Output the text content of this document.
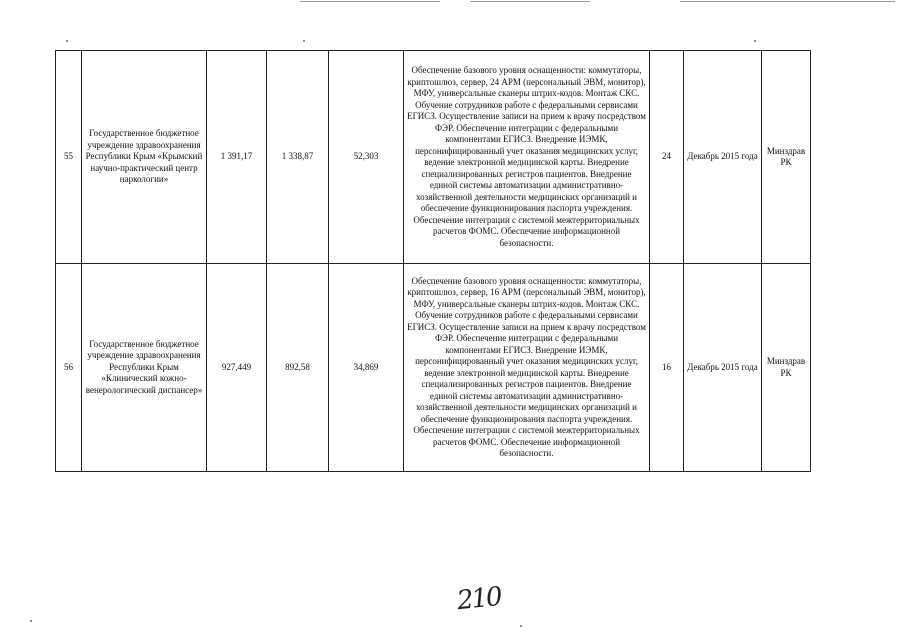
55	Государственное бюджетное учреждение здравоохранения Республики Крым «Крымский научно-практический центр наркологии»	1 391,17	1 338,87	52,303	Обеспечение базового уровня оснащенности: коммутаторы, криптошлюз, сервер, 24 АРМ (персональный ЭВМ, монитор), МФУ, универсальные сканеры штрих-кодов. Монтаж СКС. Обучение сотрудников работе с федеральными сервисами ЕГИСЗ. Осуществление записи на прием к врачу посредством ФЭР. Обеспечение интеграции с федеральными компонентами ЕГИСЗ. Внедрение ИЭМК, персонифицированный учет оказания медицинских услуг, ведение электронной медицинской карты. Внедрение специализированных регистров пациентов. Внедрение единой системы автоматизации административно-хозяйственной деятельности медицинских организаций и обеспечение функционирования паспорта учреждения. Обеспечение интеграции с системой межтерриториальных расчетов ФОМС. Обеспечение информационной безопасности.	24	Декабрь 2015 года	Минздрав РК
56	Государственное бюджетное учреждение здравоохранения Республики Крым «Клинический кожно-венерологический диспансер»	927,449	892,58	34,869	Обеспечение базового уровня оснащенности: коммутаторы, криптошлюз, сервер, 16 АРМ (персональный ЭВМ, монитор), МФУ, универсальные сканеры штрих-кодов. Монтаж СКС. Обучение сотрудников работе с федеральными сервисами ЕГИСЗ. Осуществление записи на прием к врачу посредством ФЭР. Обеспечение интеграции с федеральными компонентами ЕГИСЗ. Внедрение ИЭМК, персонифицированный учет оказания медицинских услуг, ведение электронной медицинской карты. Внедрение специализированных регистров пациентов. Внедрение единой системы автоматизации административно-хозяйственной деятельности медицинских организаций и обеспечение функционирования паспорта учреждения. Обеспечение интеграции с системой межтерриториальных расчетов ФОМС. Обеспечение информационной безопасности.	16	Декабрь 2015 года	Минздрав РК
210
